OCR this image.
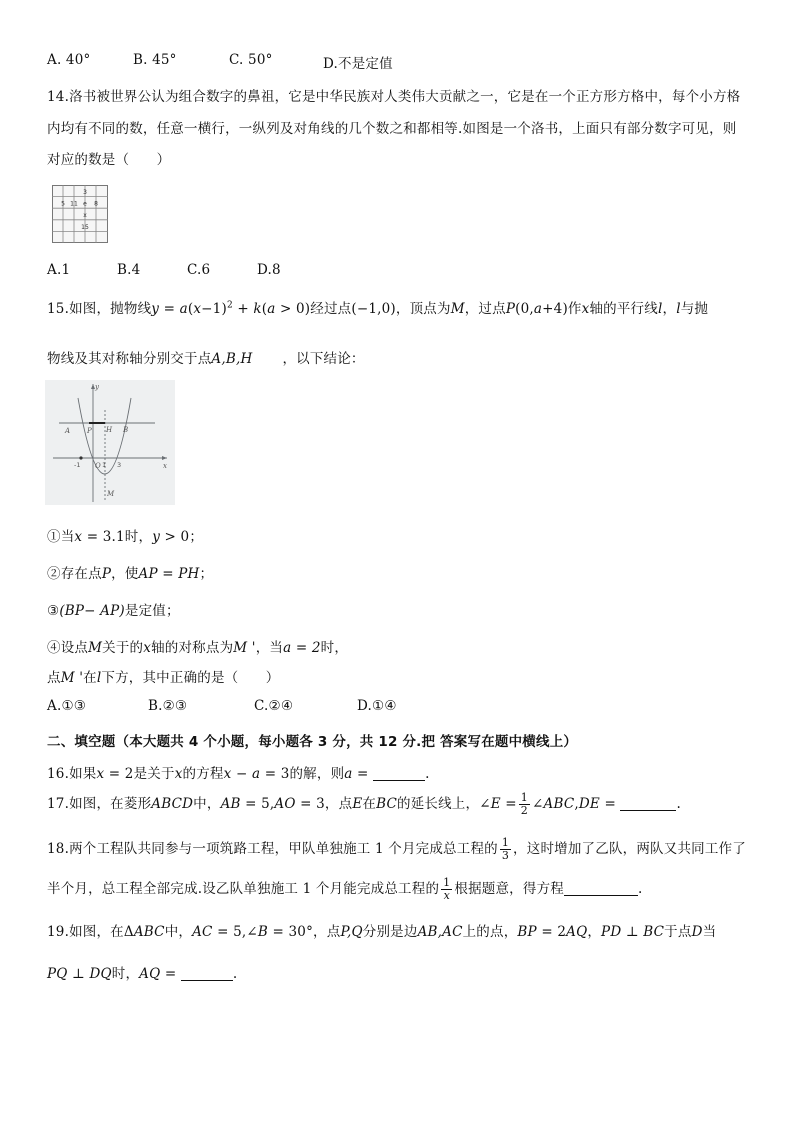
A. 40°	B. 45°	C. 50°	D.不是定值
14.洛书被世界公认为组合数字的鼻祖，它是中华民族对人类伟大贡献之一，它是在一个正方形方格中，每个小方格
内均有不同的数，任意一横行，一纵列及对角线的几个数之和都相等.如图是一个洛书，上面只有部分数字可见，则
对应的数是（　　）
3
5 11 e 8
x
15
A.1	B.4	C.6	D.8
15.如图，抛物线$y = a(x-1)^2 + k(a > 0)$经过点(−1,0)，顶点为M，过点P(0,a+4)作x轴的平行线l，l与抛
物线及其对称轴分别交于点A,B,H ，以下结论：
y
A P H B
O	x
M
-1	1 3
①当x = 3.1时，y > 0；
②存在点P，使AP = PH；
③(BP− AP)是定值；
④设点M关于的x轴的对称点为M '，当a = 2时，
点M '在l下方，其中正确的是（　　）
A.①③	B.②③	C.②④	D.①④
二、填空题（本大题共 4 个小题，每小题各 3 分，共 12 分.把 答案写在题中横线上）
16.如果x = 2是关于x的方程x − a = 3的解，则a =	.
17.如图，在菱形ABCD中，AB = 5,AO = 3，点E在BC的延长线上，∠E = $\frac{1}{2}$ ∠ABC,DE =	.
18.两个工程队共同参与一项筑路工程，甲队单独施工 1 个月完成总工程的 $\frac{1}{3}$ ，这时增加了乙队，两队又共同工作了
半个月，总工程全部完成.设乙队单独施工 1 个月能完成总工程的 $\frac{1}{x}$ 根据题意，得方程	.
19.如图，在ΔABC中，AC = 5,∠B = 30°，点P,Q分别是边AB,AC上的点，BP = 2AQ，PD ⊥ BC于点D当
PQ ⊥ DQ时，AQ =	.
